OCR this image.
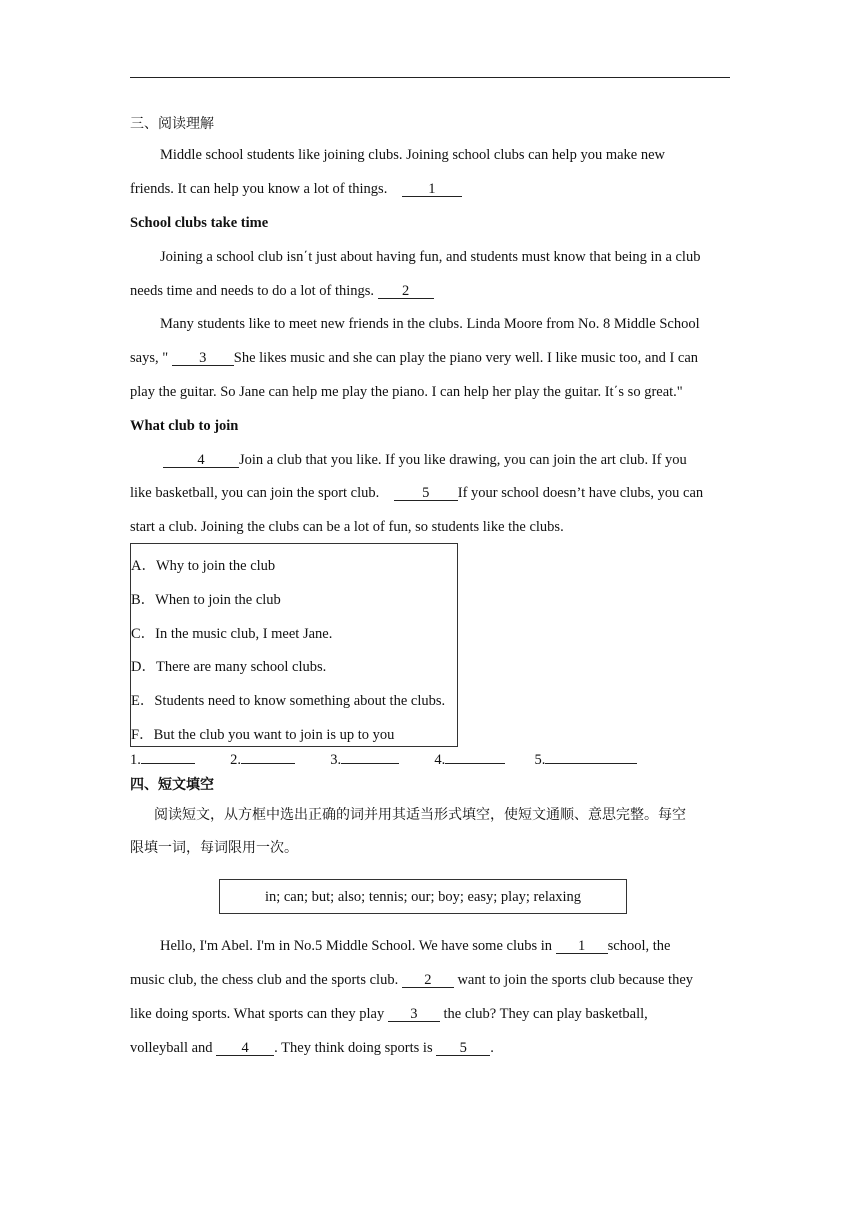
三、阅读理解
Middle school students like joining clubs. Joining school clubs can help you make new
friends. It can help you know a lot of things.	1
School clubs take time
Joining a school club isn΄t just about having fun, and students must know that being in a club
needs time and needs to do a lot of things. 2
Many students like to meet new friends in the clubs. Linda Moore from No. 8 Middle School
says, " 3 She likes music and she can play the piano very well. I like music too, and I can
play the guitar. So Jane can help me play the piano. I can help her play the guitar. It΄s so great."
What club to join
4 Join a club that you like. If you like drawing, you can join the art club. If you
like basketball, you can join the sport club.	5 If your school doesn’t have clubs, you can
start a club. Joining the clubs can be a lot of fun, so students like the clubs.
A．Why to join the club
B．When to join the club
C．In the music club, I meet Jane.
D．There are many school clubs.
E．Students need to know something about the clubs.
F．But the club you want to join is up to you
1.	2.	3.	4.	5.
四、短文填空
阅读短文，从方框中选出正确的词并用其适当形式填空，使短文通顺、意思完整。每空
限填一词，每词限用一次。
in; can; but; also; tennis; our; boy; easy; play; relaxing
Hello, I'm Abel. I'm in No.5 Middle School. We have some clubs in 1 school, the
music club, the chess club and the sports club. 2 want to join the sports club because they
like doing sports. What sports can they play 3 the club? They can play basketball,
volleyball and 4 . They think doing sports is 5 .
